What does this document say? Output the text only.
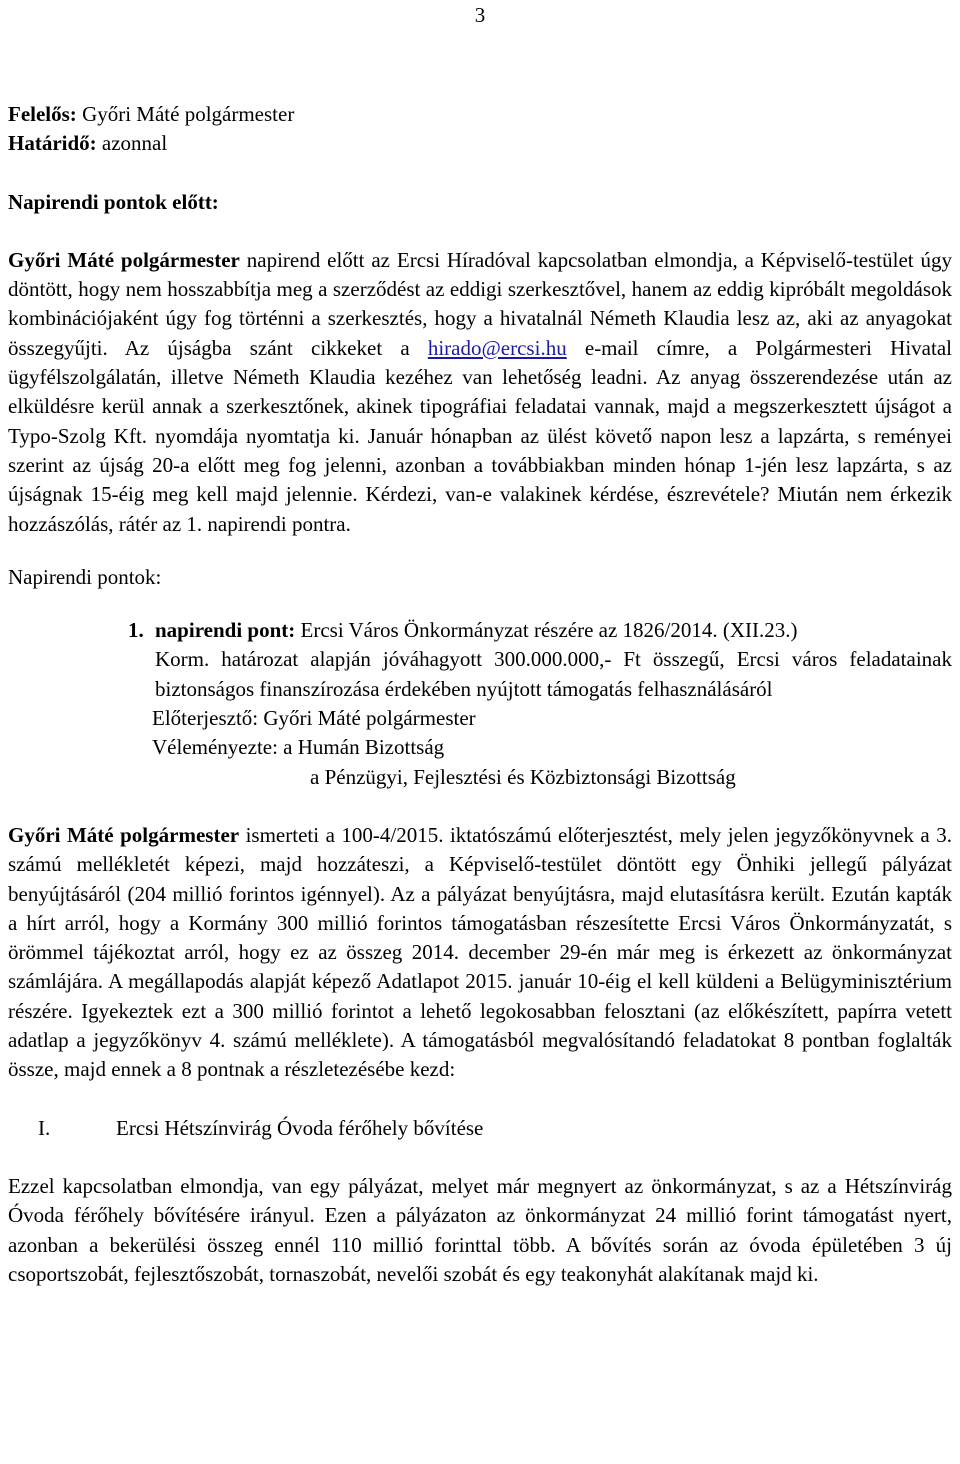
3

Felelős: Győri Máté polgármester

Határidő: azonnal

Napirendi pontok előtt:

Győri Máté polgármester napirend előtt az Ercsi Híradóval kapcsolatban elmondja, a Képviselő-testület úgy döntött, hogy nem hosszabbítja meg a szerződést az eddigi szerkesztővel, hanem az eddig kipróbált megoldások kombinációjaként úgy fog történni a szerkesztés, hogy a hivatalnál Németh Klaudia lesz az, aki az anyagokat összegyűjti. Az újságba szánt cikkeket a hirado@ercsi.hu e-mail címre, a Polgármesteri Hivatal ügyfélszolgálatán, illetve Németh Klaudia kezéhez van lehetőség leadni. Az anyag összerendezése után az elküldésre kerül annak a szerkesztőnek, akinek tipográfiai feladatai vannak, majd a megszerkesztett újságot a Typo-Szolg Kft. nyomdája nyomtatja ki. Január hónapban az ülést követő napon lesz a lapzárta, s reményei szerint az újság 20-a előtt meg fog jelenni, azonban a továbbiakban minden hónap 1-jén lesz lapzárta, s az újságnak 15-éig meg kell majd jelennie. Kérdezi, van-e valakinek kérdése, észrevétele? Miután nem érkezik hozzászólás, rátér az 1. napirendi pontra.

Napirendi pontok:

1. napirendi pont: Ercsi Város Önkormányzat részére az 1826/2014. (XII.23.)

Korm. határozat alapján jóváhagyott 300.000.000,- Ft összegű, Ercsi város feladatainak biztonságos finanszírozása érdekében nyújtott támogatás felhasználásáról

Előterjesztő: Győri Máté polgármester

Véleményezte: a Humán Bizottság

a Pénzügyi, Fejlesztési és Közbiztonsági Bizottság

Győri Máté polgármester ismerteti a 100-4/2015. iktatószámú előterjesztést, mely jelen jegyzőkönyvnek a 3. számú mellékletét képezi, majd hozzáteszi, a Képviselő-testület döntött egy Önhiki jellegű pályázat benyújtásáról (204 millió forintos igénnyel). Az a pályázat benyújtásra, majd elutasításra került. Ezután kapták a hírt arról, hogy a Kormány 300 millió forintos támogatásban részesítette Ercsi Város Önkormányzatát, s örömmel tájékoztat arról, hogy ez az összeg 2014. december 29-én már meg is érkezett az önkormányzat számlájára. A megállapodás alapját képező Adatlapot 2015. január 10-éig el kell küldeni a Belügyminisztérium részére. Igyekeztek ezt a 300 millió forintot a lehető legokosabban felosztani (az előkészített, papírra vetett adatlap a jegyzőkönyv 4. számú melléklete). A támogatásból megvalósítandó feladatokat 8 pontban foglalták össze, majd ennek a 8 pontnak a részletezésébe kezd:

I.	Ercsi Hétszínvirág Óvoda férőhely bővítése

Ezzel kapcsolatban elmondja, van egy pályázat, melyet már megnyert az önkormányzat, s az a Hétszínvirág Óvoda férőhely bővítésére irányul. Ezen a pályázaton az önkormányzat 24 millió forint támogatást nyert, azonban a bekerülési összeg ennél 110 millió forinttal több. A bővítés során az óvoda épületében 3 új csoportszobát, fejlesztőszobát, tornaszobát, nevelői szobát és egy teakonyhát alakítanak majd ki.
